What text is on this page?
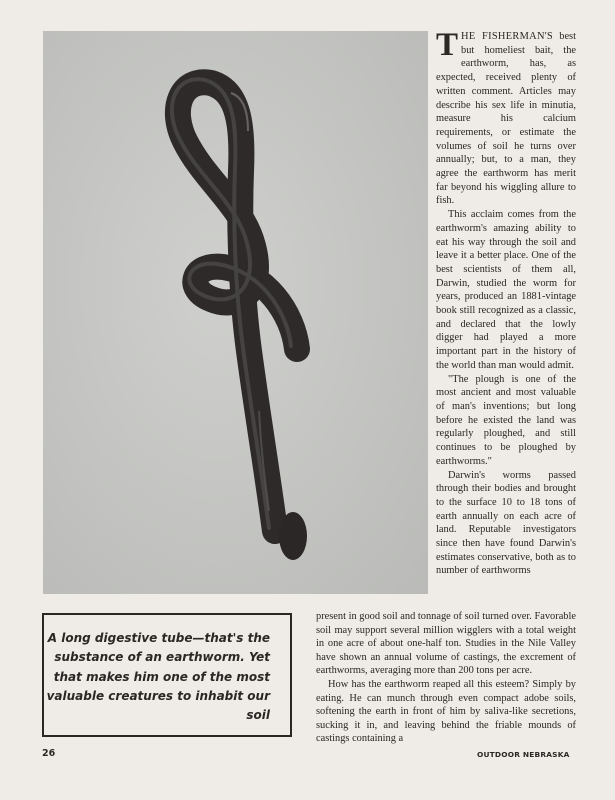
THE FISHERMAN'S best but homeliest bait, the earthworm, has, as expected, received plenty of written comment. Articles may describe his sex life in minutia, measure his calcium requirements, or estimate the volumes of soil he turns over annually; but, to a man, they agree the earthworm has merit far beyond his wiggling allure to fish.

This acclaim comes from the earthworm's amazing ability to eat his way through the soil and leave it a better place. One of the best scientists of them all, Darwin, studied the worm for years, produced an 1881-vintage book still recognized as a classic, and declared that the lowly digger had played a more important part in the history of the world than man would admit.

"The plough is one of the most ancient and most valuable of man's inventions; but long before he existed the land was regularly ploughed, and still continues to be ploughed by earthworms."

Darwin's worms passed through their bodies and brought to the surface 10 to 18 tons of earth annually on each acre of land. Reputable investigators since then have found Darwin's estimates conservative, both as to number of earthworms

present in good soil and tonnage of soil turned over. Favorable soil may support several million wigglers with a total weight in one acre of about one-half ton. Studies in the Nile Valley have shown an annual volume of castings, the excrement of earthworms, averaging more than 200 tons per acre.

How has the earthworm reaped all this esteem? Simply by eating. He can munch through even compact adobe soils, softening the earth in front of him by saliva-like secretions, sucking it in, and leaving behind the friable mounds of castings containing a

A long digestive tube—that's the substance of an earthworm. Yet that makes him one of the most valuable creatures to inhabit our soil
26	OUTDOOR NEBRASKA
